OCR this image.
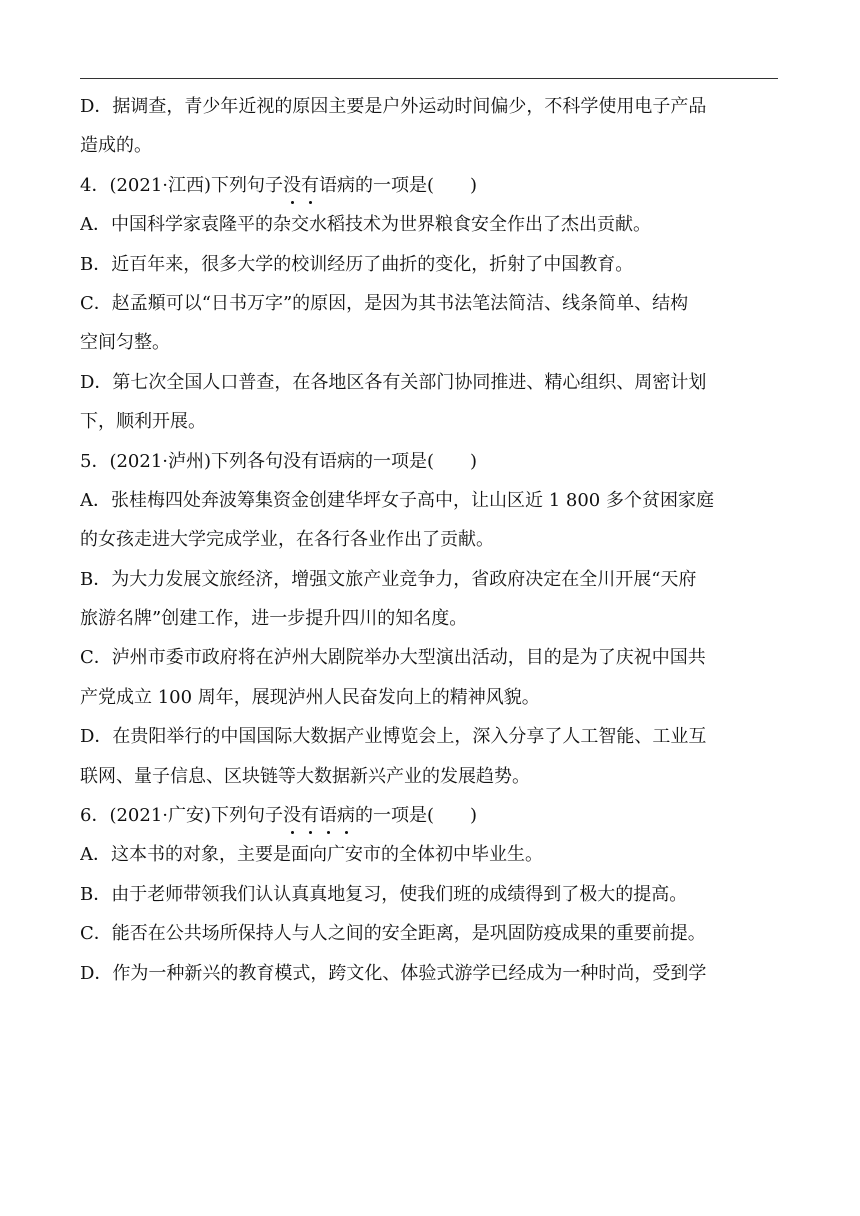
D．据调查，青少年近视的原因主要是户外运动时间偏少，不科学使用电子产品
造成的。
4．(2021·江西)下列句子没有语病的一项是(　　)
A．中国科学家袁隆平的杂交水稻技术为世界粮食安全作出了杰出贡献。
B．近百年来，很多大学的校训经历了曲折的变化，折射了中国教育。
C．赵孟頫可以“日书万字”的原因，是因为其书法笔法简洁、线条简单、结构
空间匀整。
D．第七次全国人口普查，在各地区各有关部门协同推进、精心组织、周密计划
下，顺利开展。
5．(2021·泸州)下列各句没有语病的一项是(　　)
A．张桂梅四处奔波筹集资金创建华坪女子高中，让山区近 1 800 多个贫困家庭
的女孩走进大学完成学业，在各行各业作出了贡献。
B．为大力发展文旅经济，增强文旅产业竞争力，省政府决定在全川开展“天府
旅游名牌”创建工作，进一步提升四川的知名度。
C．泸州市委市政府将在泸州大剧院举办大型演出活动，目的是为了庆祝中国共
产党成立 100 周年，展现泸州人民奋发向上的精神风貌。
D．在贵阳举行的中国国际大数据产业博览会上，深入分享了人工智能、工业互
联网、量子信息、区块链等大数据新兴产业的发展趋势。
6．(2021·广安)下列句子没有语病的一项是(　　)
A．这本书的对象，主要是面向广安市的全体初中毕业生。
B．由于老师带领我们认认真真地复习，使我们班的成绩得到了极大的提高。
C．能否在公共场所保持人与人之间的安全距离，是巩固防疫成果的重要前提。
D．作为一种新兴的教育模式，跨文化、体验式游学已经成为一种时尚，受到学
